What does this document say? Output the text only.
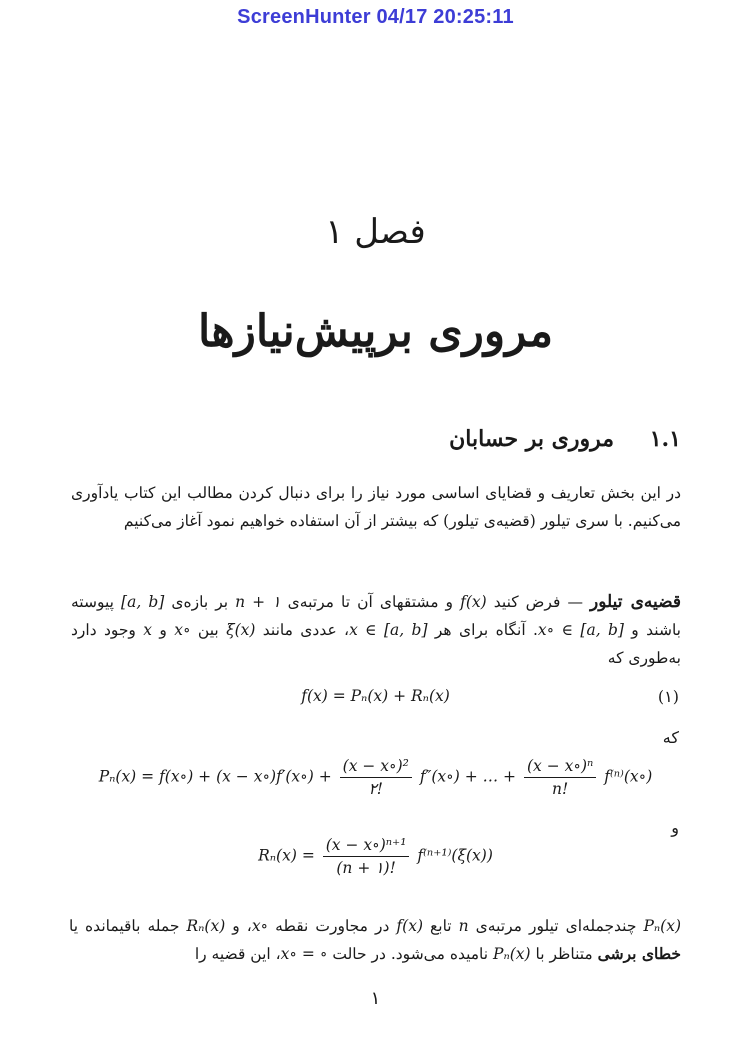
ScreenHunter 04/17 20:25:11
فصل ۱
مروری برپیش‌نیازها
۱.۱ مروری بر حسابان
در این بخش تعاریف و قضایای اساسی مورد نیاز را برای دنبال کردن مطالب این کتاب یادآوری می‌کنیم. با سری تیلور (قضیه‌ی تیلور) که بیشتر از آن استفاده خواهیم نمود آغاز می‌کنیم
قضیه‌ی تیلور — فرض کنید f(x) و مشتقهای آن تا مرتبه‌ی n + ۱ بر بازه‌ی [a, b] پیوسته باشند و x∘ ∈ [a, b]. آنگاه برای هر x ∈ [a, b]، عددی مانند ξ(x) بین x∘ و x وجود دارد به‌طوری که
f(x) = Pₙ(x) + Rₙ(x)	(۱)
که
Pₙ(x) = f(x∘) + (x − x∘)f′(x∘) + $\frac{\text{(x − x∘)²}}{۲!}$ f″(x∘) + … + $\frac{\text{(x − x∘)ⁿ}}{n!}$ f⁽ⁿ⁾(x∘)
و
$R_n(x) = \frac{\text{(x − x∘)ⁿ⁺¹}}{(n + ۱)!} f^{(n+1)}(\xi(x))$
Pₙ(x) چندجمله‌ای تیلور مرتبه‌ی n تابع f(x) در مجاورت نقطه x∘، و Rₙ(x) جمله باقیمانده یا خطای برشی متناظر با Pₙ(x) نامیده می‌شود. در حالت x∘ = ∘، این قضیه را
۱
